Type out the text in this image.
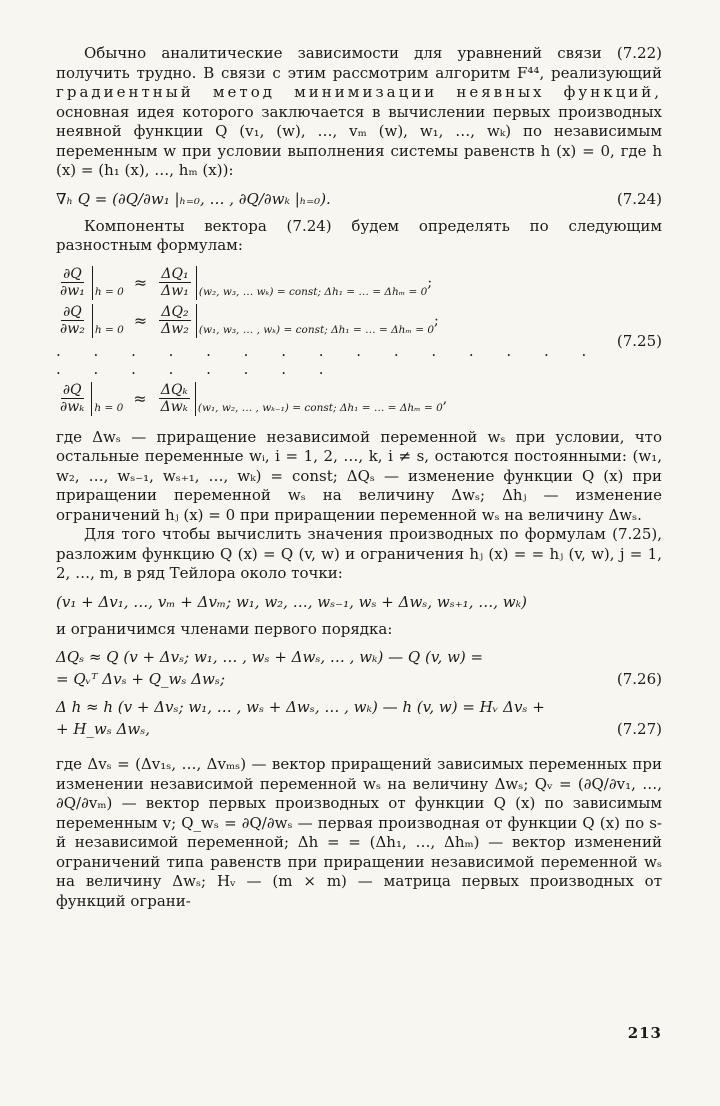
Обычно аналитические зависимости для уравнений связи (7.22) получить трудно. В связи с этим рассмотрим алгоритм F⁴⁴, реализующий градиентный метод минимизации неявных функций, основная идея которого заключается в вычислении первых производных неявной функции Q (v₁, (w), …, vₘ (w), w₁, …, wₖ) по независимым переменным w при условии выполнения системы равенств h (x) = 0, где h (x) = (h₁ (x), …, hₘ (x)):

∇ₕ Q = (∂Q/∂w₁ |ₕ₌₀, … , ∂Q/∂wₖ |ₕ₌₀).	(7.24)

Компоненты вектора (7.24) будем определять по следующим разностным формулам:

$\frac{\partial Q}{\text{∂w₁}}$ $h = 0 \approx \frac{\text{ΔQ₁}}{\text{Δw₁}} (w_2$, w₃, … wₖ) = const; Δh₁ = … = Δhₘ = 0
;
$\frac{\partial Q}{\text{∂w₂}}$ $h = 0 \approx \frac{\text{ΔQ₂}}{\text{Δw₂}} (w_1$, w₃, … , wₖ) = const; Δh₁ = … = Δhₘ = 0
;
. . . . . . . . . . . . . . . . . . . . . . .
$\frac{\partial Q}{\text{∂wₖ}}$ $h = 0 \approx \frac{\text{ΔQₖ}}{\text{Δwₖ}} (w_1$, w₂, … , wₖ₋₁) = const; Δh₁ = … = Δhₘ = 0
,
(7.25)

где Δwₛ — приращение независимой переменной wₛ при условии, что остальные переменные wᵢ, i = 1, 2, …, k, i ≠ s, остаются постоянными: (w₁, w₂, …, wₛ₋₁, wₛ₊₁, …, wₖ) = const; ΔQₛ — изменение функции Q (x) при приращении переменной wₛ на величину Δwₛ; Δhⱼ — изменение ограничений hⱼ (x) = 0 при приращении переменной wₛ на величину Δwₛ.

Для того чтобы вычислить значения производных по формулам (7.25), разложим функцию Q (x) = Q (v, w) и ограничения hⱼ (x) = = hⱼ (v, w), j = 1, 2, …, m, в ряд Тейлора около точки:

(v₁ + Δv₁, …, vₘ + Δvₘ; w₁, w₂, …, wₛ₋₁, wₛ + Δwₛ, wₛ₊₁, …, wₖ)

и ограничимся членами первого порядка:

ΔQₛ ≈ Q (v + Δvₛ; w₁, … , wₛ + Δwₛ, … , wₖ) — Q (v, w) =
= Qᵥᵀ Δvₛ + Q_wₛ Δwₛ;	(7.26)
Δ h ≈ h (v + Δvₛ; w₁, … , wₛ + Δwₛ, … , wₖ) — h (v, w) = Hᵥ Δvₛ +
+ H_wₛ Δwₛ,	(7.27)

где Δvₛ = (Δv₁ₛ, …, Δvₘₛ) — вектор приращений зависимых переменных при изменении независимой переменной wₛ на величину Δwₛ; Qᵥ = (∂Q/∂v₁, …, ∂Q/∂vₘ) — вектор первых производных от функции Q (x) по зависимым переменным v; Q_wₛ = ∂Q/∂wₛ — первая производная от функции Q (x) по s-й независимой переменной; Δh = = (Δh₁, …, Δhₘ) — вектор изменений ограничений типа равенств при приращении независимой переменной wₛ на величину Δwₛ; Hᵥ — (m × m) — матрица первых производных от функций ограни-

213
